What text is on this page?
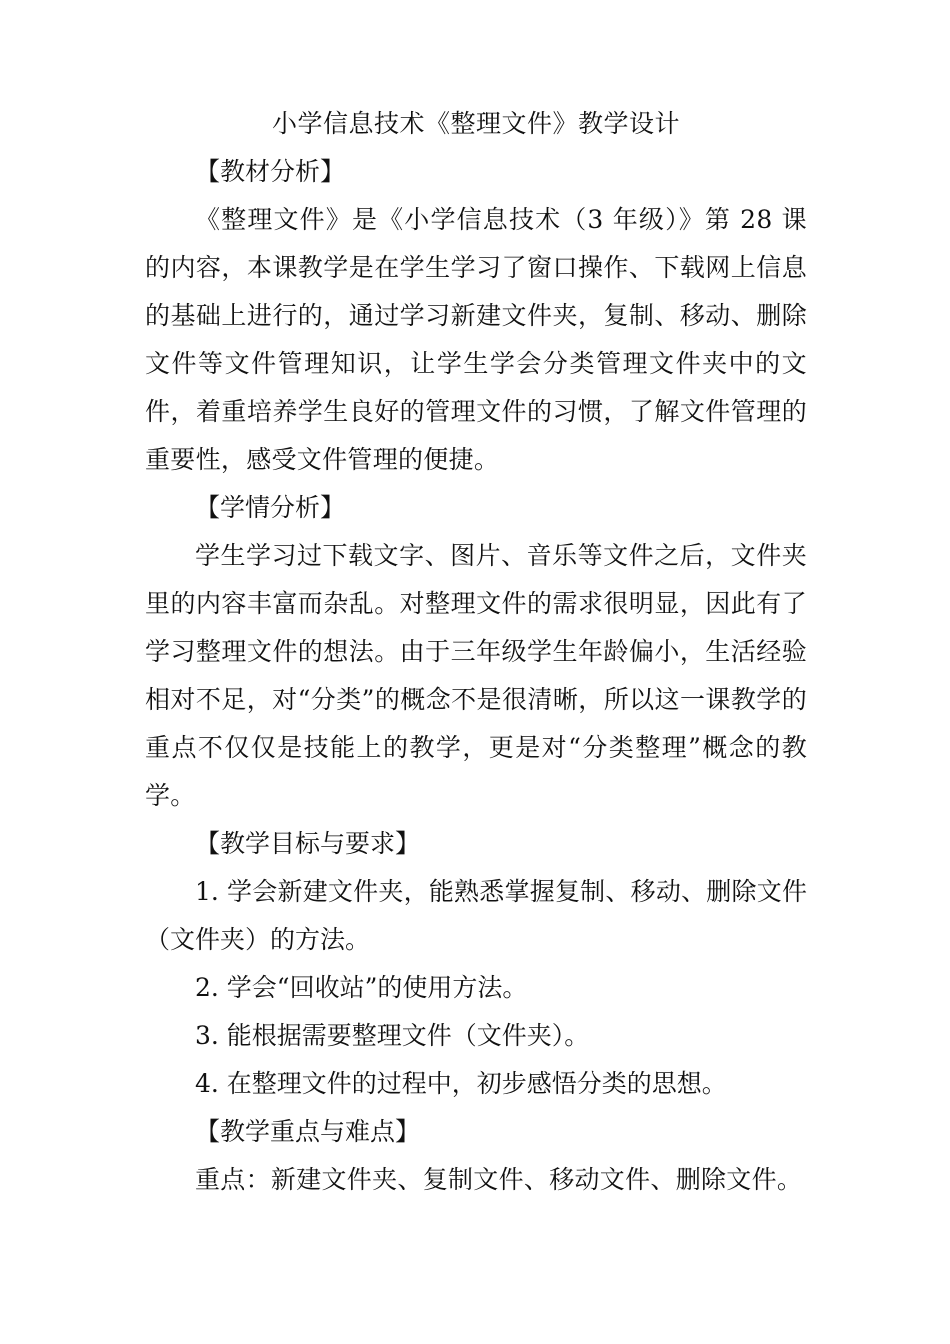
小学信息技术《整理文件》教学设计
【教材分析】

《整理文件》是《小学信息技术（3 年级）》第 28 课的内容，本课教学是在学生学习了窗口操作、下载网上信息的基础上进行的，通过学习新建文件夹，复制、移动、删除文件等文件管理知识，让学生学会分类管理文件夹中的文件，着重培养学生良好的管理文件的习惯，了解文件管理的重要性，感受文件管理的便捷。

【学情分析】

学生学习过下载文字、图片、音乐等文件之后，文件夹里的内容丰富而杂乱。对整理文件的需求很明显，因此有了学习整理文件的想法。由于三年级学生年龄偏小，生活经验相对不足，对“分类”的概念不是很清晰，所以这一课教学的重点不仅仅是技能上的教学，更是对“分类整理”概念的教学。

【教学目标与要求】

1. 学会新建文件夹，能熟悉掌握复制、移动、删除文件（文件夹）的方法。

2. 学会“回收站”的使用方法。

3. 能根据需要整理文件（文件夹）。

4. 在整理文件的过程中，初步感悟分类的思想。

【教学重点与难点】

重点：新建文件夹、复制文件、移动文件、删除文件。
